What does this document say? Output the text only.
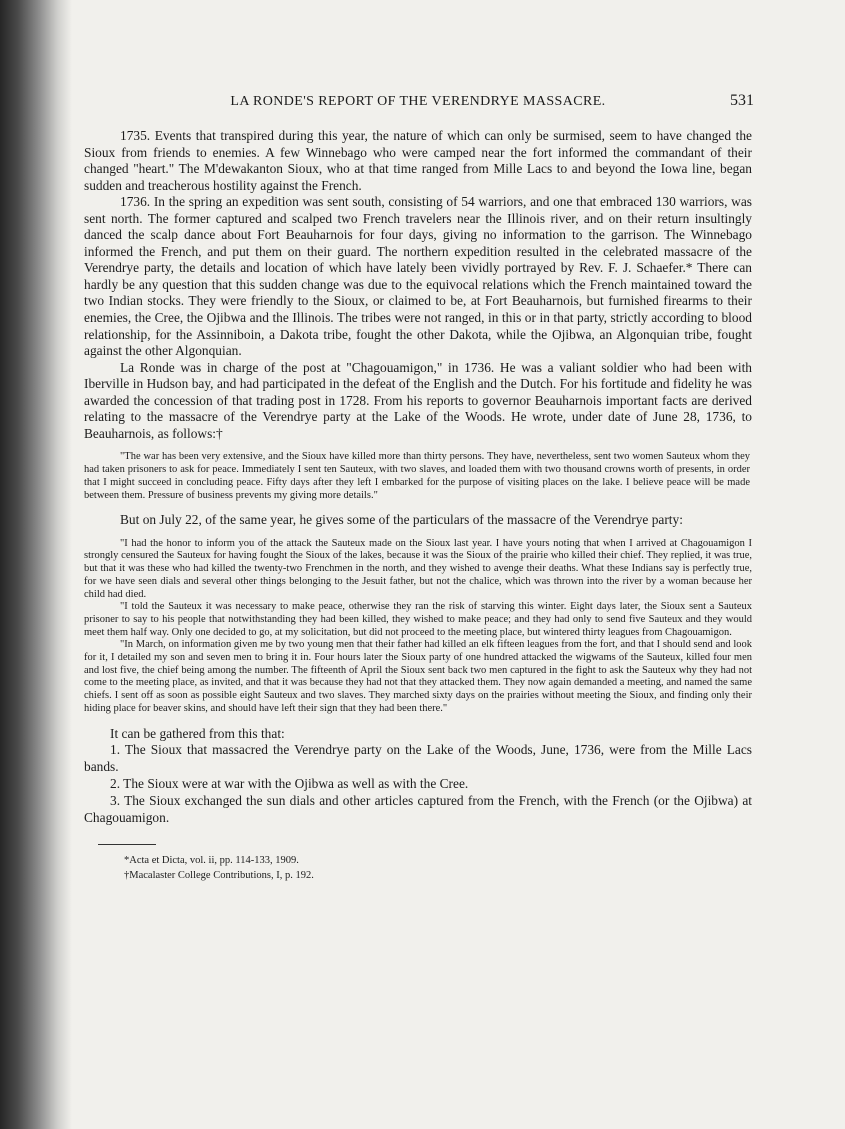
LA RONDE'S REPORT OF THE VERENDRYE MASSACRE.	531

1735. Events that transpired during this year, the nature of which can only be surmised, seem to have changed the Sioux from friends to enemies. A few Winnebago who were camped near the fort informed the commandant of their changed "heart." The M'dewakanton Sioux, who at that time ranged from Mille Lacs to and beyond the Iowa line, began sudden and treacherous hostility against the French.

1736. In the spring an expedition was sent south, consisting of 54 warriors, and one that embraced 130 warriors, was sent north. The former captured and scalped two French travelers near the Illinois river, and on their return insultingly danced the scalp dance about Fort Beauharnois for four days, giving no information to the garrison. The Winnebago informed the French, and put them on their guard. The northern expedition resulted in the celebrated massacre of the Verendrye party, the details and location of which have lately been vividly portrayed by Rev. F. J. Schaefer.* There can hardly be any question that this sudden change was due to the equivocal relations which the French maintained toward the two Indian stocks. They were friendly to the Sioux, or claimed to be, at Fort Beauharnois, but furnished firearms to their enemies, the Cree, the Ojibwa and the Illinois. The tribes were not ranged, in this or in that party, strictly according to blood relationship, for the Assinniboin, a Dakota tribe, fought the other Dakota, while the Ojibwa, an Algonquian tribe, fought against the other Algonquian.

La Ronde was in charge of the post at "Chagouamigon," in 1736. He was a valiant soldier who had been with Iberville in Hudson bay, and had participated in the defeat of the English and the Dutch. For his fortitude and fidelity he was awarded the concession of that trading post in 1728. From his reports to governor Beauharnois important facts are derived relating to the massacre of the Verendrye party at the Lake of the Woods. He wrote, under date of June 28, 1736, to Beauharnois, as follows:†

"The war has been very extensive, and the Sioux have killed more than thirty persons. They have, nevertheless, sent two women Sauteux whom they had taken prisoners to ask for peace. Immediately I sent ten Sauteux, with two slaves, and loaded them with two thousand crowns worth of presents, in order that I might succeed in concluding peace. Fifty days after they left I embarked for the purpose of visiting places on the lake. I believe peace will be made between them. Pressure of business prevents my giving more details."

But on July 22, of the same year, he gives some of the particulars of the massacre of the Verendrye party:

"I had the honor to inform you of the attack the Sauteux made on the Sioux last year. I have yours noting that when I arrived at Chagouamigon I strongly censured the Sauteux for having fought the Sioux of the lakes, because it was the Sioux of the prairie who killed their chief. They replied, it was true, but that it was these who had killed the twenty-two Frenchmen in the north, and they wished to avenge their deaths. What these Indians say is perfectly true, for we have seen dials and several other things belonging to the Jesuit father, but not the chalice, which was thrown into the river by a woman because her child had died.

"I told the Sauteux it was necessary to make peace, otherwise they ran the risk of starving this winter. Eight days later, the Sioux sent a Sauteux prisoner to say to his people that notwithstanding they had been killed, they wished to make peace; and they had only to send five Sauteux and they would meet them half way. Only one decided to go, at my solicitation, but did not proceed to the meeting place, but wintered thirty leagues from Chagouamigon.

"In March, on information given me by two young men that their father had killed an elk fifteen leagues from the fort, and that I should send and look for it, I detailed my son and seven men to bring it in. Four hours later the Sioux party of one hundred attacked the wigwams of the Sauteux, killed four men and lost five, the chief being among the number. The fifteenth of April the Sioux sent back two men captured in the fight to ask the Sauteux why they had not come to the meeting place, as invited, and that it was because they had not that they attacked them. They now again demanded a meeting, and named the same chiefs. I sent off as soon as possible eight Sauteux and two slaves. They marched sixty days on the prairies without meeting the Sioux, and finding only their hiding place for beaver skins, and should have left their sign that they had been there."

It can be gathered from this that:

1. The Sioux that massacred the Verendrye party on the Lake of the Woods, June, 1736, were from the Mille Lacs bands.

2. The Sioux were at war with the Ojibwa as well as with the Cree.

3. The Sioux exchanged the sun dials and other articles captured from the French, with the French (or the Ojibwa) at Chagouamigon.

*Acta et Dicta, vol. ii, pp. 114-133, 1909.

†Macalaster College Contributions, I, p. 192.
